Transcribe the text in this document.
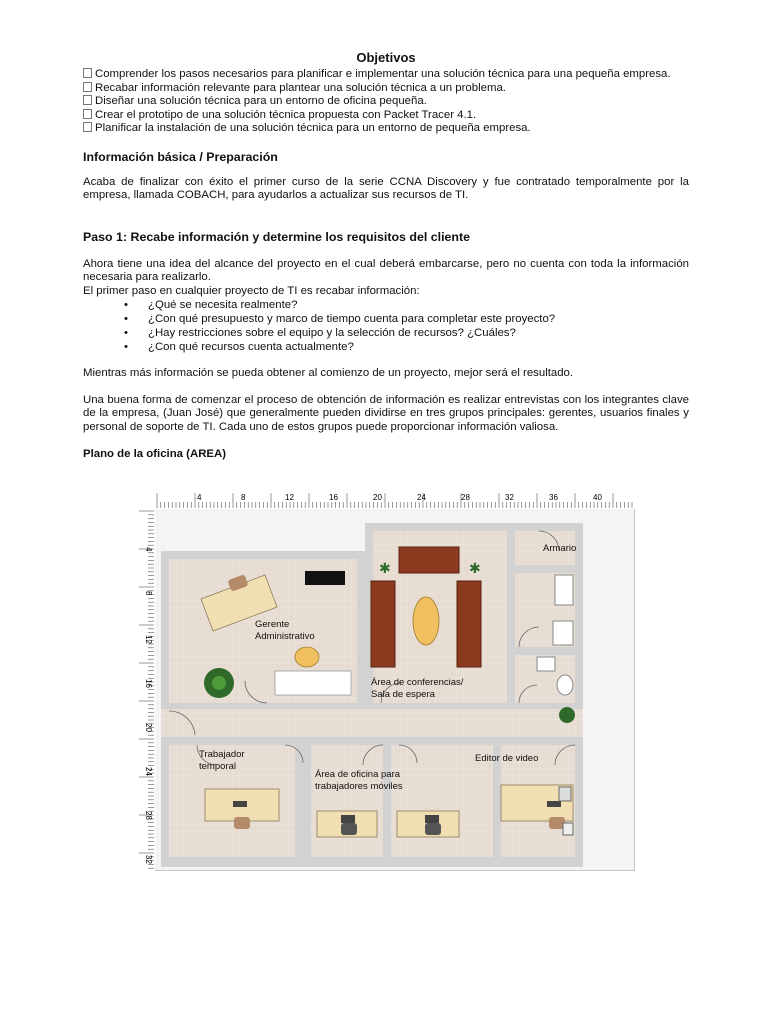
Objetivos
Comprender los pasos necesarios para planificar e implementar una solución técnica para una pequeña empresa.
Recabar información relevante para plantear una solución técnica a un problema.
Diseñar una solución técnica para un entorno de oficina pequeña.
Crear el prototipo de una solución técnica propuesta con Packet Tracer 4.1.
Planificar la instalación de una solución técnica para un entorno de pequeña empresa.
Información básica / Preparación

Acaba de finalizar con éxito el primer curso de la serie CCNA Discovery y fue contratado temporalmente por la empresa, llamada COBACH, para ayudarlos a actualizar sus recursos de TI.

Paso 1: Recabe información y determine los requisitos del cliente

Ahora tiene una idea del alcance del proyecto en el cual deberá embarcarse, pero no cuenta con toda la información necesaria para realizarlo.

El primer paso en cualquier proyecto de TI es recabar información:

• ¿Qué se necesita realmente?
• ¿Con qué presupuesto y marco de tiempo cuenta para completar este proyecto?
• ¿Hay restricciones sobre el equipo y la selección de recursos? ¿Cuáles?
• ¿Con qué recursos cuenta actualmente?

Mientras más información se pueda obtener al comienzo de un proyecto, mejor será el resultado.

Una buena forma de comenzar el proceso de obtención de información es realizar entrevistas con los integrantes clave de la empresa, (Juan José) que generalmente pueden dividirse en tres grupos principales: gerentes, usuarios finales y personal de soporte de TI. Cada uno de estos grupos puede proporcionar información valiosa.

Plano de la oficina (AREA)
4	8	12	16	20	24	28	32	36	40
4
8
12
16
20
24
28
32
✱	✱
Gerente
Administrativo
Área de conferencias/
Sala de espera
Armario
Trabajador
temporal
Área de oficina para
trabajadores móviles
Editor de video
